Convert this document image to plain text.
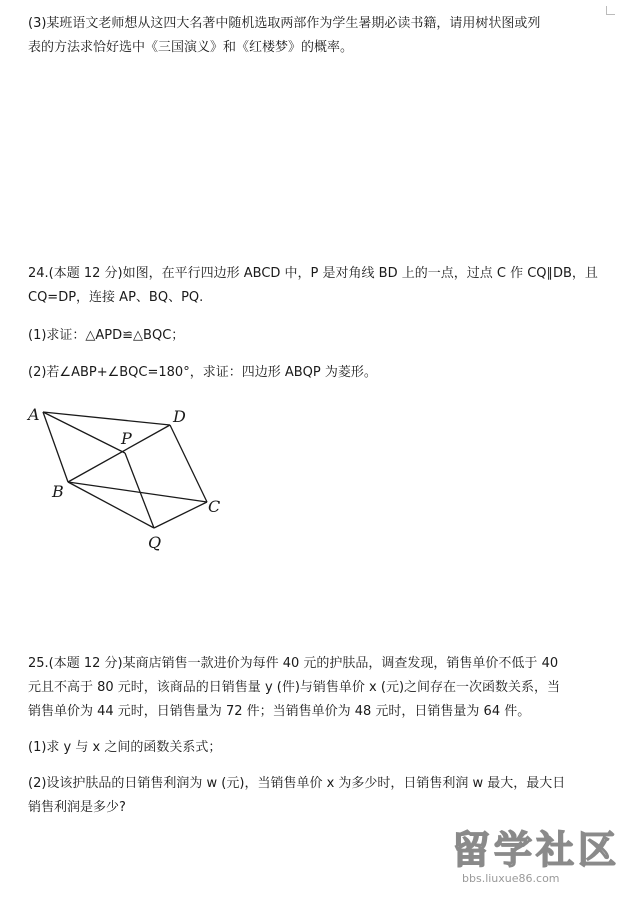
(3)某班语文老师想从这四大名著中随机选取两部作为学生暑期必读书籍，请用树状图或列
表的方法求恰好选中《三国演义》和《红楼梦》的概率。
24.(本题 12 分)如图，在平行四边形 ABCD 中，P 是对角线 BD 上的一点，过点 C 作 CQ∥DB，且
CQ=DP，连接 AP、BQ、PQ.
(1)求证：△APD≌△BQC；
(2)若∠ABP+∠BQC=180°，求证：四边形 ABQP 为菱形。
A	D
P
B
C
Q
25.(本题 12 分)某商店销售一款进价为每件 40 元的护肤品，调查发现，销售单价不低于 40
元且不高于 80 元时，该商品的日销售量 y (件)与销售单价 x (元)之间存在一次函数关系，当
销售单价为 44 元时，日销售量为 72 件；当销售单价为 48 元时，日销售量为 64 件。
(1)求 y 与 x 之间的函数关系式；
(2)设该护肤品的日销售利润为 w (元)，当销售单价 x 为多少时，日销售利润 w 最大，最大日
销售利润是多少?
留学社区
bbs.liuxue86.com
